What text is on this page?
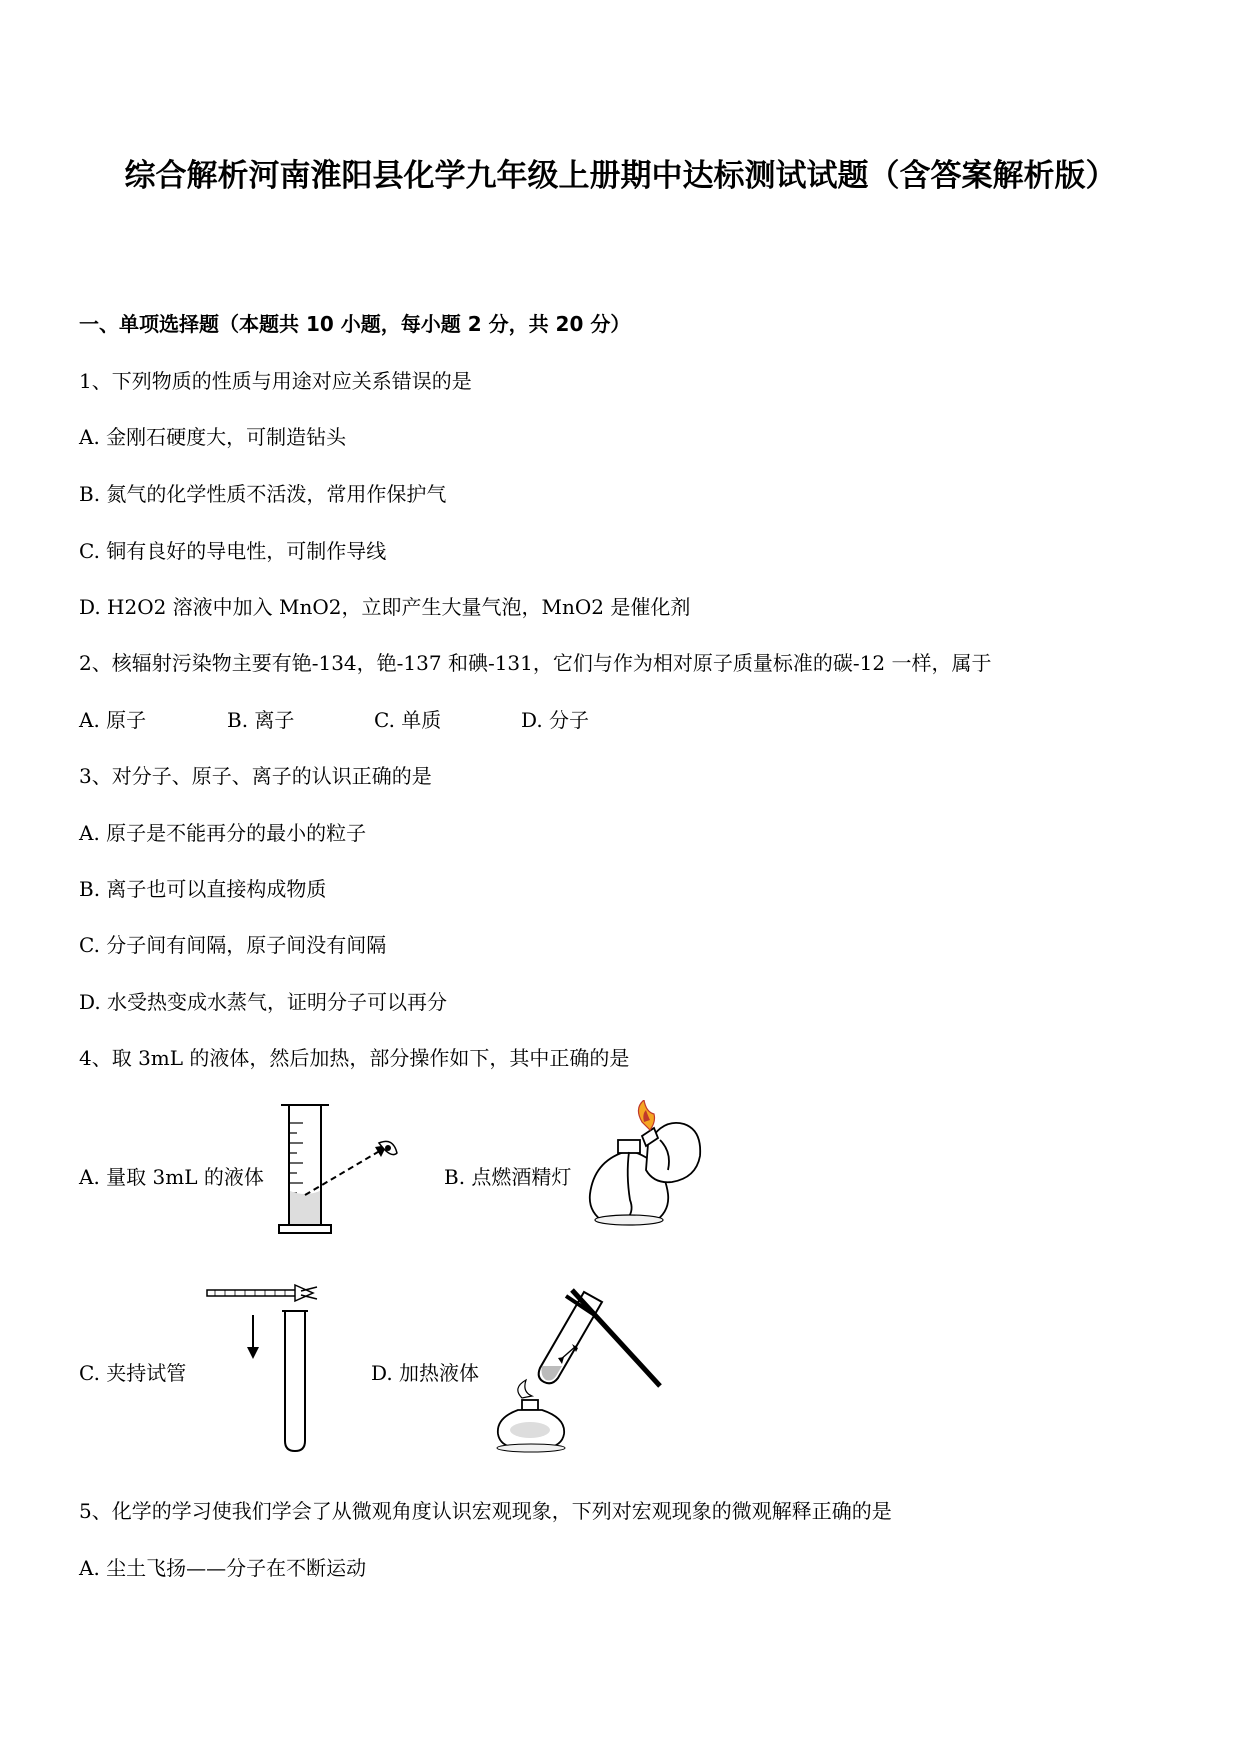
综合解析河南淮阳县化学九年级上册期中达标测试试题（含答案解析版）
一、单项选择题（本题共 10 小题，每小题 2 分，共 20 分）
1、下列物质的性质与用途对应关系错误的是
A. 金刚石硬度大，可制造钻头
B. 氮气的化学性质不活泼，常用作保护气
C. 铜有良好的导电性，可制作导线
D. H2O2 溶液中加入 MnO2，立即产生大量气泡，MnO2 是催化剂
2、核辐射污染物主要有铯-134，铯-137 和碘-131，它们与作为相对原子质量标准的碳-12 一样，属于
A. 原子	B. 离子	C. 单质	D. 分子
3、对分子、原子、离子的认识正确的是
A. 原子是不能再分的最小的粒子
B. 离子也可以直接构成物质
C. 分子间有间隔，原子间没有间隔
D. 水受热变成水蒸气，证明分子可以再分
4、取 3mL 的液体，然后加热，部分操作如下，其中正确的是
A. 量取 3mL 的液体	B. 点燃酒精灯
C. 夹持试管	D. 加热液体
5、化学的学习使我们学会了从微观角度认识宏观现象，下列对宏观现象的微观解释正确的是
A. 尘土飞扬——分子在不断运动
